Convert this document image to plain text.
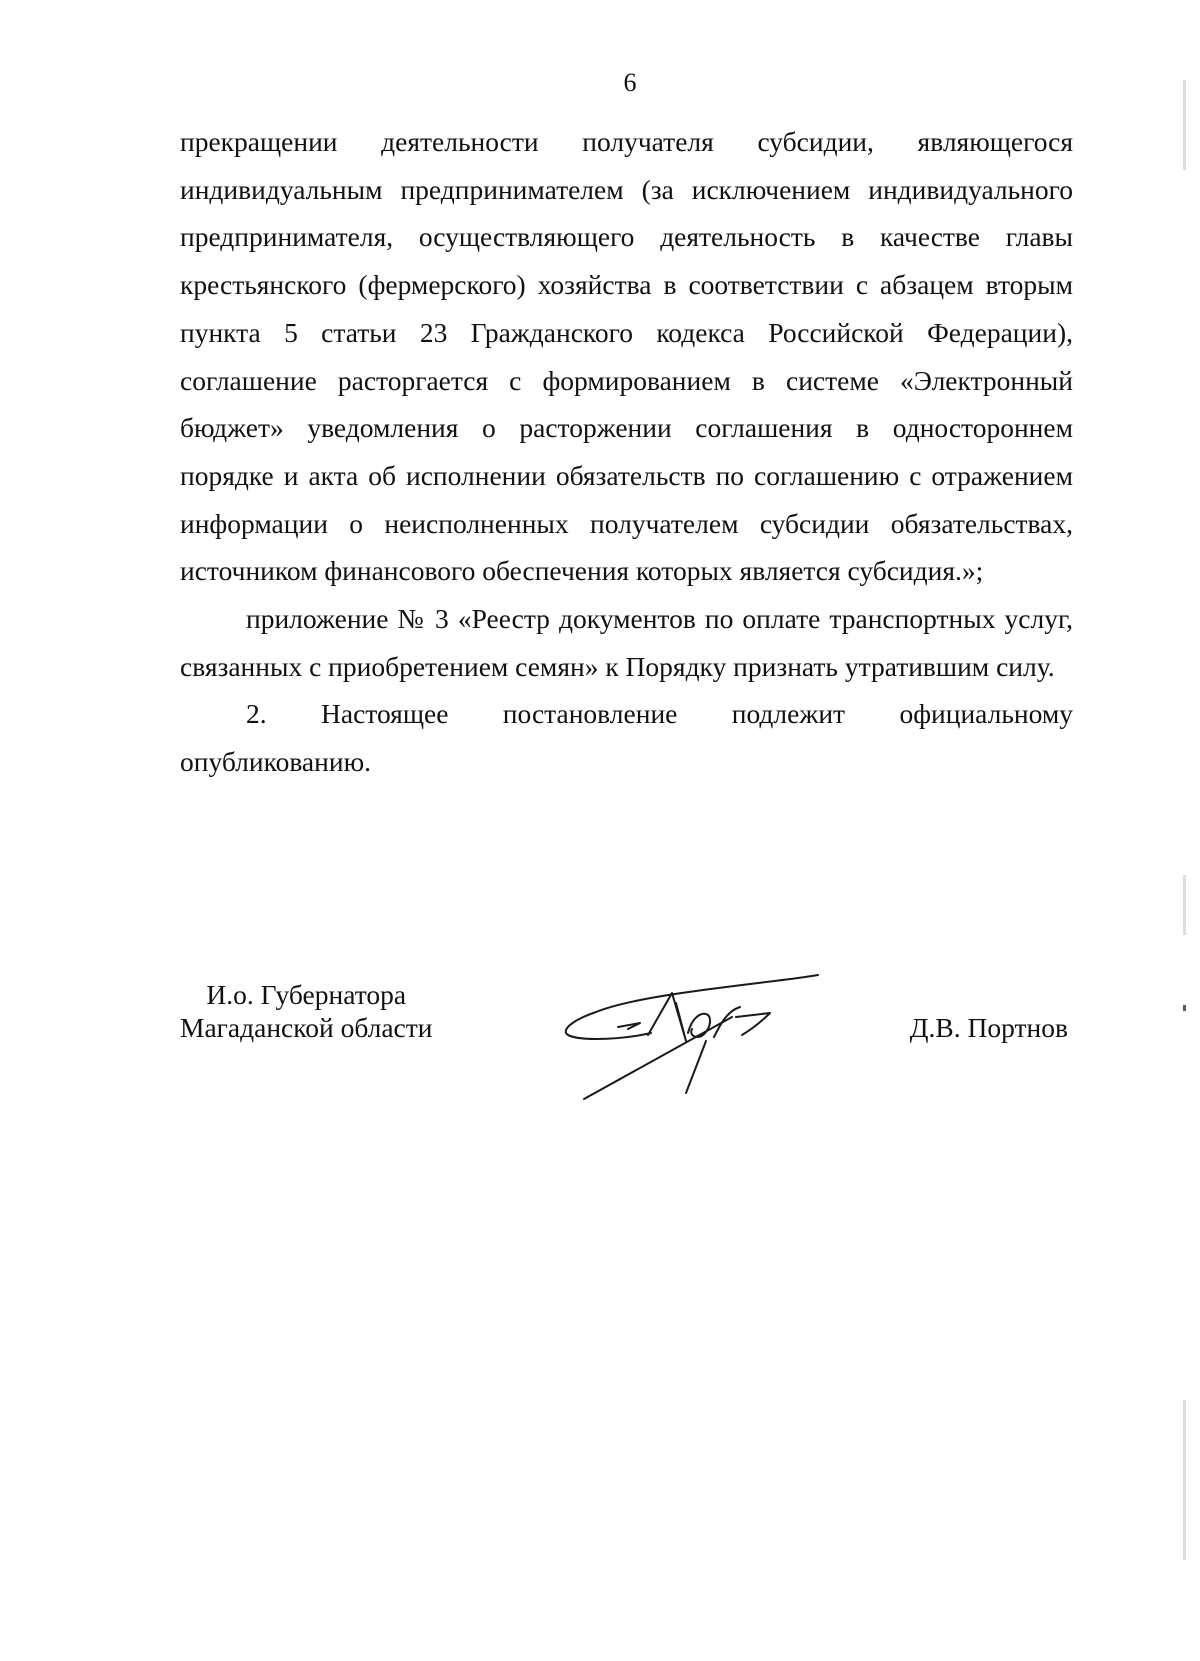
6

прекращении деятельности получателя субсидии, являющегося индивидуальным предпринимателем (за исключением индивидуального предпринимателя, осуществляющего деятельность в качестве главы крестьянского (фермерского) хозяйства в соответствии с абзацем вторым пункта 5 статьи 23 Гражданского кодекса Российской Федерации), соглашение расторгается с формированием в системе «Электронный бюджет» уведомления о расторжении соглашения в одностороннем порядке и акта об исполнении обязательств по соглашению с отражением информации о неисполненных получателем субсидии обязательствах, источником финансового обеспечения которых является субсидия.»;

приложение № 3 «Реестр документов по оплате транспортных услуг, связанных с приобретением семян» к Порядку признать утратившим силу.

2. Настоящее постановление подлежит официальному опубликованию.

И.о. Губернатора
Магаданской области	Д.В. Портнов
